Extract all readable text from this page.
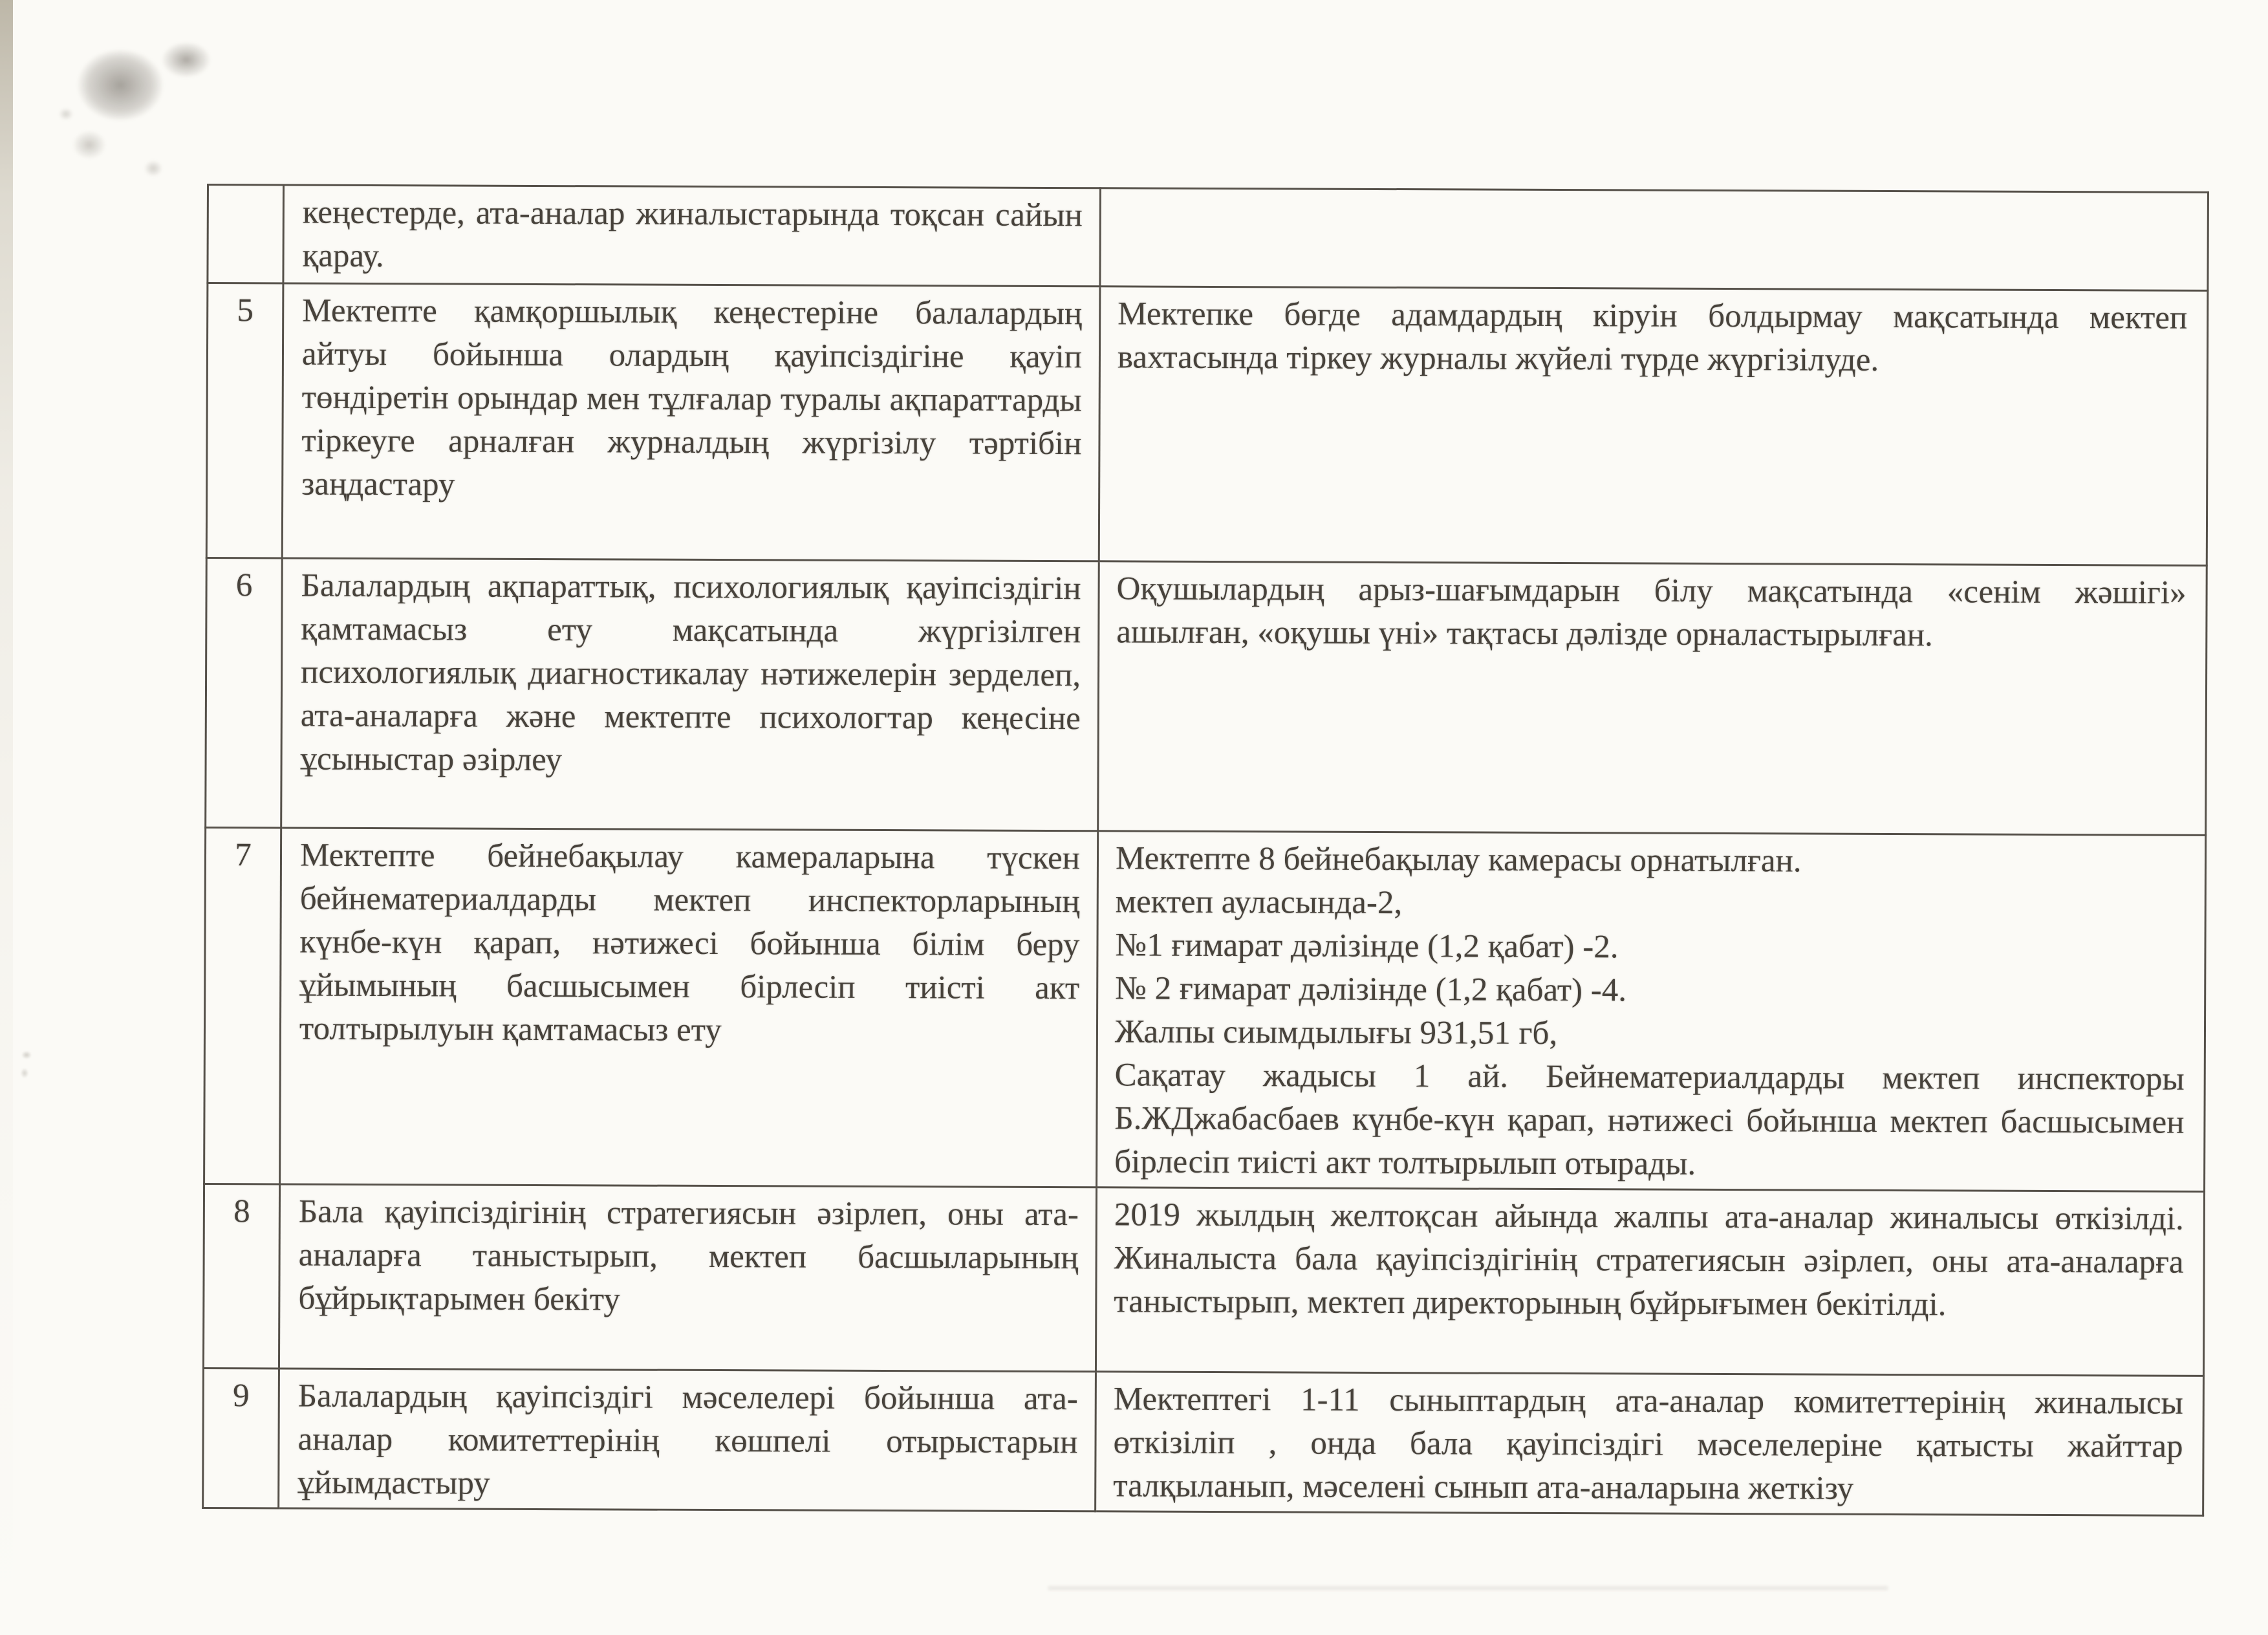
	кеңестерде, ата-аналар жиналыстарында тоқсан сайын қарау.	
5	Мектепте қамқоршылық кеңестеріне балалардың айтуы бойынша олардың қауіпсіздігіне қауіп төндіретін орындар мен тұлғалар туралы ақпараттарды тіркеуге арналған журналдың жүргізілу тәртібін заңдастару	Мектепке бөгде адамдардың кіруін болдырмау мақсатында мектеп вахтасында тіркеу журналы жүйелі түрде жүргізілуде.
6	Балалардың ақпараттық, психологиялық қауіпсіздігін қамтамасыз ету мақсатында жүргізілген психологиялық диагностикалау нәтижелерін зерделеп, ата-аналарға және мектепте психологтар кеңесіне ұсыныстар әзірлеу	Оқушылардың арыз-шағымдарын білу мақсатында «сенім жәшігі» ашылған, «оқушы үні» тақтасы дәлізде орналастырылған.
7	Мектепте бейнебақылау камераларына түскен бейнематериалдарды мектеп инспекторларының күнбе-күн қарап, нәтижесі бойынша білім беру ұйымының басшысымен бірлесіп тиісті акт толтырылуын қамтамасыз ету	Мектепте 8 бейнебақылау камерасы орнатылған.
мектеп ауласында-2,
№1 ғимарат дәлізінде (1,2 қабат) -2.
№ 2 ғимарат дәлізінде (1,2 қабат) -4.
Жалпы сиымдылығы 931,51 гб,
Сақатау жадысы 1 ай. Бейнематериалдарды мектеп инспекторы Б.ЖДжабасбаев күнбе-күн қарап, нәтижесі бойынша мектеп басшысымен бірлесіп тиісті акт толтырылып отырады.
8	Бала қауіпсіздігінің стратегиясын әзірлеп, оны ата-аналарға таныстырып, мектеп басшыларының бұйрықтарымен бекіту	2019 жылдың желтоқсан айында жалпы ата-аналар жиналысы өткізілді. Жиналыста бала қауіпсіздігінің стратегиясын әзірлеп, оны ата-аналарға таныстырып, мектеп директорының бұйрығымен бекітілді.
9	Балалардың қауіпсіздігі мәселелері бойынша ата-аналар комитеттерінің көшпелі отырыстарын ұйымдастыру	Мектептегі 1-11 сыныптардың ата-аналар комитеттерінің жиналысы өткізіліп , онда бала қауіпсіздігі мәселелеріне қатысты жайттар талқыланып, мәселені сынып ата-аналарына жеткізу
